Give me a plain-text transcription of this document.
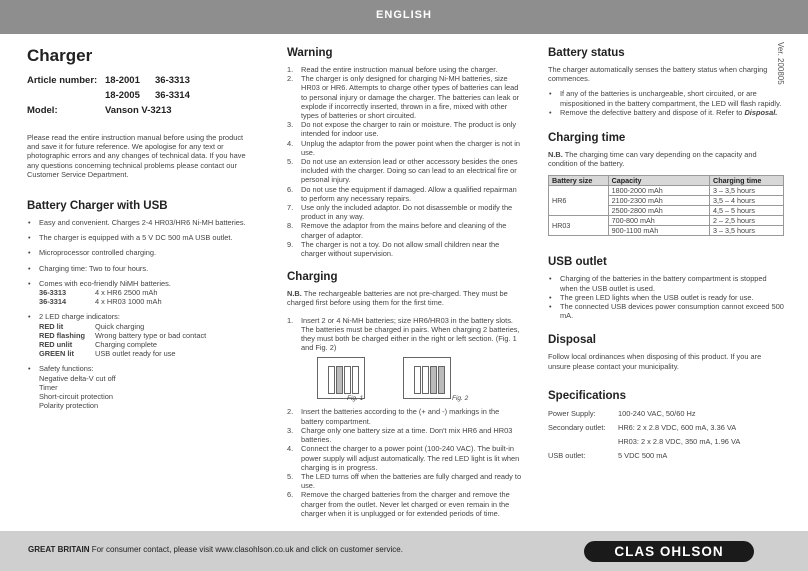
ENGLISH
Ver. 200805
Charger
Article number: 18-2001 36-3313
18-2005 36-3314
Model:	Vanson V-3213

Please read the entire instruction manual before using the product and save it for future reference. We apologise for any text or photographic errors and any changes of technical data. If you have any questions concerning technical problems please contact our Customer Service Department.

Battery Charger with USB
• Easy and convenient. Charges 2-4 HR03/HR6 Ni-MH batteries.
• The charger is equipped with a 5 V DC 500 mA USB outlet.
• Microprocessor controlled charging.
• Charging time: Two to four hours.
• Comes with eco-friendly NiMH batteries.
36-3313	4 x HR6 2500 mAh
36-3314	4 x HR03 1000 mAh
• 2 LED charge indicators:
RED lit	Quick charging
RED flashing	Wrong battery type or bad contact
RED unlit	Charging complete
GREEN lit	USB outlet ready for use
• Safety functions:
Negative delta-V cut off
Timer
Short-circuit protection
Polarity protection
Warning
1. Read the entire instruction manual before using the charger.
2. The charger is only designed for charging Ni-MH batteries, size HR03 or HR6. Attempts to charge other types of batteries can lead to personal injury or damage the charger. The batteries can leak or explode if incorrectly inserted, thrown in a fire, mixed with other types of batteries or short circuited.
3. Do not expose the charger to rain or moisture. The product is only intended for indoor use.
4. Unplug the adaptor from the power point when the charger is not in use.
5. Do not use an extension lead or other accessory besides the ones included with the charger. Doing so can lead to an electrical fire or personal injury.
6. Do not use the equipment if damaged. Allow a qualified repairman to perform any necessary repairs.
7. Use only the included adaptor. Do not disassemble or modify the product in any way.
8. Remove the adaptor from the mains before and cleaning of the charger of adaptor.
9. The charger is not a toy. Do not allow small children near the charger without supervision.
Charging

N.B. The rechargeable batteries are not pre-charged. They must be charged first before using them for the first time.

1. Insert 2 or 4 Ni-MH batteries; size HR6/HR03 in the battery slots. The batteries must be charged in pairs. When charging 2 batteries, they must both be charged either in the right or left section. (Fig. 1 and Fig. 2)
Fig. 1	Fig. 2
2. Insert the batteries according to the (+ and -) markings in the battery compartment.
3. Charge only one battery size at a time. Don't mix HR6 and HR03 batteries.
4. Connect the charger to a power point (100-240 VAC). The built-in power supply will adjust automatically. The red LED light is lit when charging is in progress.
5. The LED turns off when the batteries are fully charged and ready to use.
6. Remove the charged batteries from the charger and remove the charger from the outlet. Never let charged or even remain in the charger when it is unplugged or for extended periods of time.
Battery status

The charger automatically senses the battery status when charging commences.

• If any of the batteries is unchargeable, short circuited, or are mispositioned in the battery compartment, the LED will flash rapidly.
• Remove the defective battery and dispose of it. Refer to Disposal.
Charging time

N.B. The charging time can vary depending on the capacity and condition of the battery.

Battery size	Capacity	Charging time
HR6	1800-2000 mAh	3 – 3,5 hours
	2100-2300 mAh	3,5 – 4 hours
	2500-2800 mAh	4,5 – 5 hours
HR03	700-800 mAh	2 – 2,5 hours
	900-1100 mAh	3 – 3,5 hours
USB outlet
• Charging of the batteries in the battery compartment is stopped when the USB outlet is used.
• The green LED lights when the USB outlet is ready for use.
• The connected USB devices power consumption cannot exceed 500 mA.
Disposal

Follow local ordinances when disposing of this product. If you are unsure please contact your municipality.

Specifications
Power Supply:	100-240 VAC, 50/60 Hz
Secondary outlet:	HR6: 2 x 2.8 VDC, 600 mA, 3.36 VA
HR03: 2 x 2.8 VDC, 350 mA, 1.96 VA
USB outlet:	5 VDC 500 mA
GREAT BRITAIN For consumer contact, please visit www.clasohlson.co.uk and click on customer service.	CLAS OHLSON
